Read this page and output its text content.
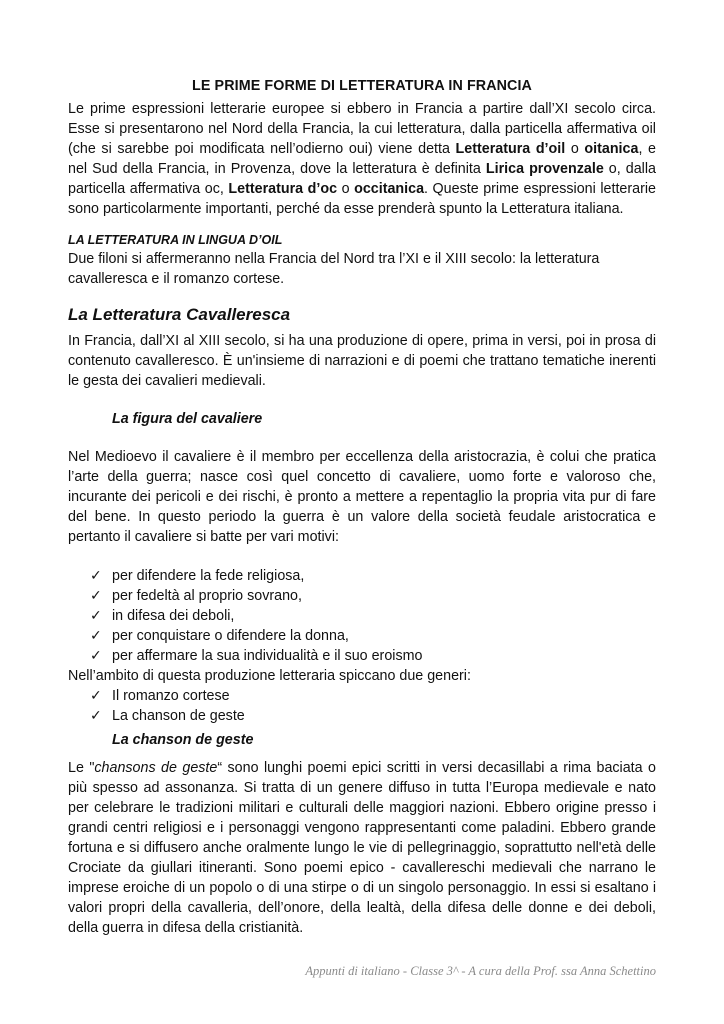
LE PRIME FORME DI LETTERATURA IN FRANCIA

Le prime espressioni letterarie europee si ebbero in Francia a partire dall’XI secolo circa. Esse si presentarono nel Nord della Francia, la cui letteratura, dalla particella affermativa oil (che si sarebbe poi modificata nell’odierno oui) viene detta Letteratura d’oil o oitanica, e nel Sud della Francia, in Provenza, dove la letteratura è definita Lirica provenzale o, dalla particella affermativa oc, Letteratura d’oc o occitanica. Queste prime espressioni letterarie sono particolarmente importanti, perché da esse prenderà spunto la Letteratura italiana.

LA LETTERATURA IN LINGUA D’OIL

Due filoni si affermeranno nella Francia del Nord tra l’XI e il XIII secolo: la letteratura cavalleresca e il romanzo cortese.

La Letteratura Cavalleresca

In Francia, dall’XI al XIII secolo, si ha una produzione di opere, prima in versi, poi in prosa di contenuto cavalleresco. È un'insieme di narrazioni e di poemi che trattano tematiche inerenti le gesta dei cavalieri medievali.

La figura del cavaliere

Nel Medioevo il cavaliere è il membro per eccellenza della aristocrazia, è colui che pratica l’arte della guerra; nasce così quel concetto di cavaliere, uomo forte e valoroso che, incurante dei pericoli e dei rischi, è pronto a mettere a repentaglio la propria vita pur di fare del bene. In questo periodo la guerra è un valore della società feudale aristocratica e pertanto il cavaliere si batte per vari motivi:

✓ per difendere la fede religiosa,
✓ per fedeltà al proprio sovrano,
✓ in difesa dei deboli,
✓ per conquistare o difendere la donna,
✓ per affermare la sua individualità e il suo eroismo

Nell’ambito di questa produzione letteraria spiccano due generi:

✓ Il romanzo cortese
✓ La chanson de geste
La chanson de geste

Le "chansons de geste“ sono lunghi poemi epici scritti in versi decasillabi a rima baciata o più spesso ad assonanza. Si tratta di un genere diffuso in tutta l’Europa medievale e nato per celebrare le tradizioni militari e culturali delle maggiori nazioni. Ebbero origine presso i grandi centri religiosi e i personaggi vengono rappresentanti come paladini. Ebbero grande fortuna e si diffusero anche oralmente lungo le vie di pellegrinaggio, soprattutto nell'età delle Crociate da giullari itineranti. Sono poemi epico - cavallereschi medievali che narrano le imprese eroiche di un popolo o di una stirpe o di un singolo personaggio. In essi si esaltano i valori propri della cavalleria, dell’onore, della lealtà, della difesa delle donne e dei deboli, della guerra in difesa della cristianità.

Appunti di italiano - Classe 3^ - A cura della Prof. ssa Anna Schettino
